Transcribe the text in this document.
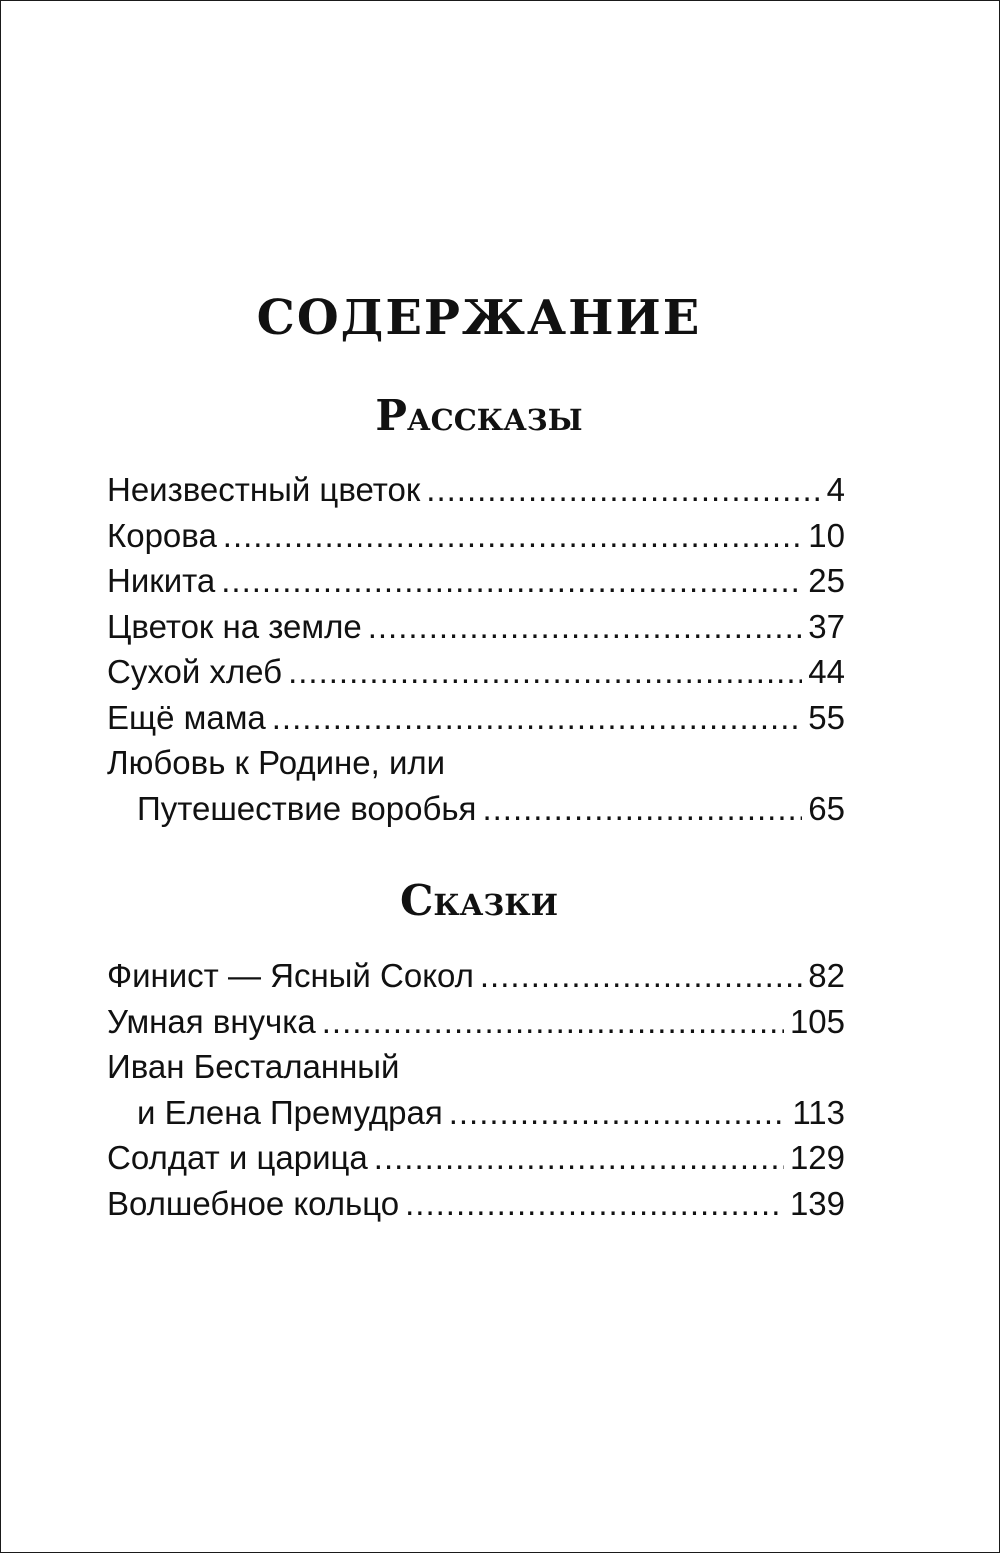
СОДЕРЖАНИЕ
Рассказы
Неизвестный цветок .....	4
Корова .....	10
Никита .....	25
Цветок на земле .....	37
Сухой хлеб .....	44
Ещё мама .....	55
Любовь к Родине, или
Путешествие воробья .....	65
Сказки
Финист — Ясный Сокол .....	82
Умная внучка .....	105
Иван Бесталанный
и Елена Премудрая .....	113
Солдат и царица .....	129
Волшебное кольцо .....	139
